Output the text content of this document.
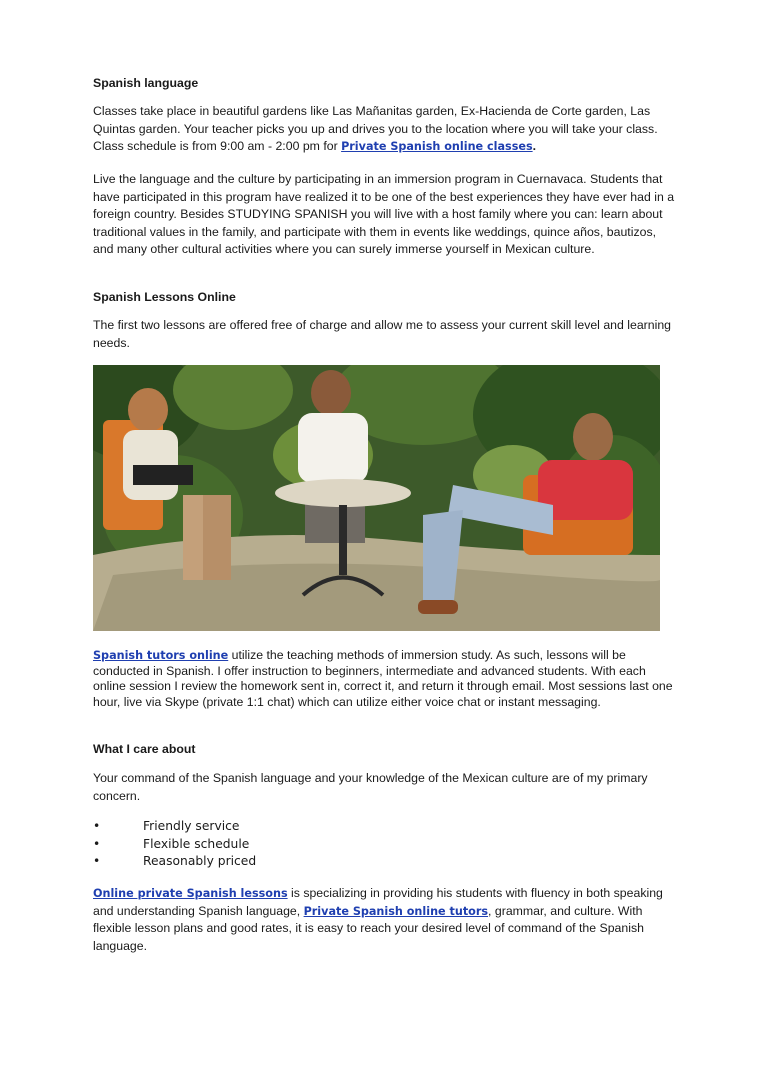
Spanish language

Classes take place in beautiful gardens like Las Mañanitas garden, Ex-Hacienda de Corte garden, Las Quintas garden. Your teacher picks you up and drives you to the location where you will take your class. Class schedule is from 9:00 am - 2:00 pm for Private Spanish online classes.

Live the language and the culture by participating in an immersion program in Cuernavaca. Students that have participated in this program have realized it to be one of the best experiences they have ever had in a foreign country. Besides STUDYING SPANISH you will live with a host family where you can: learn about traditional values in the family, and participate with them in events like weddings, quince años, bautizos, and many other cultural activities where you can surely immerse yourself in Mexican culture.

Spanish Lessons Online

The first two lessons are offered free of charge and allow me to assess your current skill level and learning needs.

Spanish tutors online utilize the teaching methods of immersion study. As such, lessons will be conducted in Spanish. I offer instruction to beginners, intermediate and advanced students. With each online session I review the homework sent in, correct it, and return it through email. Most sessions last one hour, live via Skype (private 1:1 chat) which can utilize either voice chat or instant messaging.

What I care about

Your command of the Spanish language and your knowledge of the Mexican culture are of my primary concern.

•	Friendly service
•	Flexible schedule
•	Reasonably priced

Online private Spanish lessons is specializing in providing his students with fluency in both speaking and understanding Spanish language, Private Spanish online tutors, grammar, and culture. With flexible lesson plans and good rates, it is easy to reach your desired level of command of the Spanish language.
